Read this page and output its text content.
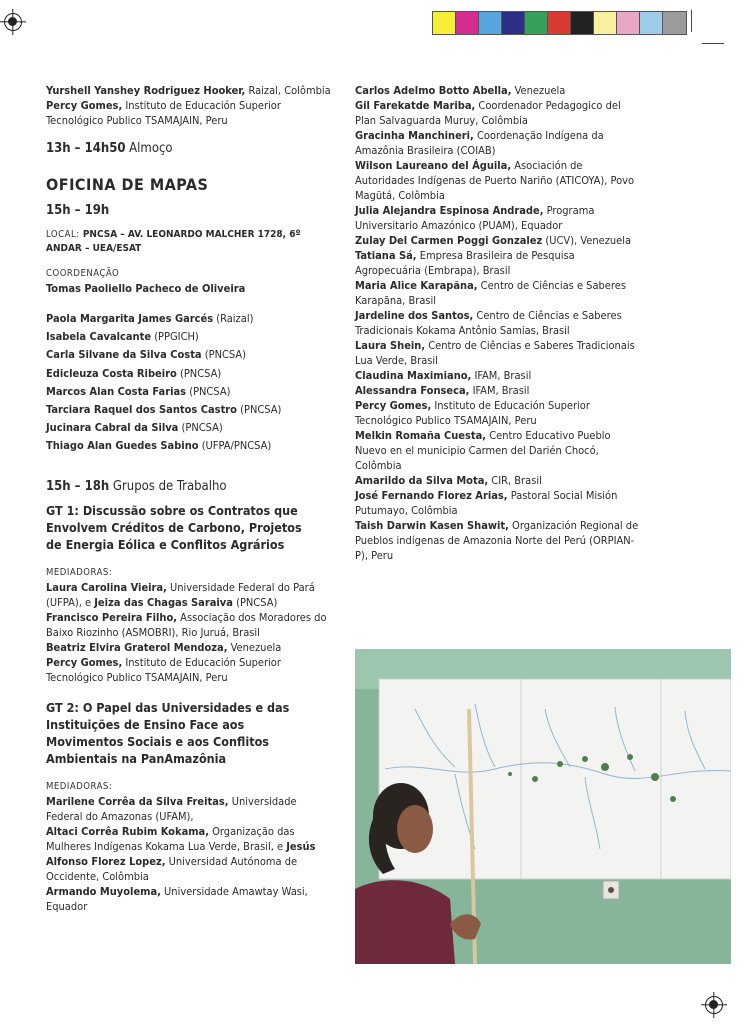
Yurshell Yanshey Rodriguez Hooker, Raizal, Colômbia

Percy Gomes, Instituto de Educación Superior Tecnológico Publico TSAMAJAIN, Peru

13h – 14h50 Almoço

OFICINA DE MAPAS

15h – 19h

LOCAL: PNCSA – AV. LEONARDO MALCHER 1728, 6º ANDAR – UEA/ESAT

COORDENAÇÃO

Tomas Paoliello Pacheco de Oliveira

Paola Margarita James Garcés (Raizal)

Isabela Cavalcante (PPGICH)

Carla Silvane da Silva Costa (PNCSA)

Edicleuza Costa Ribeiro (PNCSA)

Marcos Alan Costa Farias (PNCSA)

Tarciara Raquel dos Santos Castro (PNCSA)

Jucinara Cabral da Silva (PNCSA)

Thiago Alan Guedes Sabino (UFPA/PNCSA)

15h – 18h Grupos de Trabalho

GT 1: Discussão sobre os Contratos que Envolvem Créditos de Carbono, Projetos de Energia Eólica e Conflitos Agrários

MEDIADORAS:

Laura Carolina Vieira, Universidade Federal do Pará (UFPA), e Jeiza das Chagas Saraiva (PNCSA)

Francisco Pereira Filho, Associação dos Moradores do Baixo Riozinho (ASMOBRI), Rio Juruá, Brasil

Beatriz Elvira Graterol Mendoza, Venezuela

Percy Gomes, Instituto de Educación Superior Tecnológico Publico TSAMAJAIN, Peru

GT 2: O Papel das Universidades e das Instituições de Ensino Face aos Movimentos Sociais e aos Conflitos Ambientais na PanAmazônia

MEDIADORAS:

Marilene Corrêa da Silva Freitas, Universidade Federal do Amazonas (UFAM),

Altaci Corrêa Rubim Kokama, Organização das Mulheres Indígenas Kokama Lua Verde, Brasil, e Jesús Alfonso Florez Lopez, Universidad Autónoma de Occidente, Colômbia

Armando Muyolema, Universidade Amawtay Wasi, Equador

Carlos Adelmo Botto Abella, Venezuela

Gil Farekatde Mariba, Coordenador Pedagogico del Plan Salvaguarda Muruy, Colômbia

Gracinha Manchineri, Coordenação Indígena da Amazônia Brasileira (COIAB)

Wilson Laureano del Águila, Asociación de Autoridades Indígenas de Puerto Nariño (ATICOYA), Povo Magütá, Colômbia

Julia Alejandra Espinosa Andrade, Programa Universitario Amazónico (PUAM), Equador

Zulay Del Carmen Poggi Gonzalez (UCV), Venezuela

Tatiana Sá, Empresa Brasileira de Pesquisa Agropecuária (Embrapa), Brasil

Maria Alice Karapãna, Centro de Ciências e Saberes Karapãna, Brasil

Jardeline dos Santos, Centro de Ciências e Saberes Tradicionais Kokama Antônio Samias, Brasil

Laura Shein, Centro de Ciências e Saberes Tradicionais Lua Verde, Brasil

Claudina Maximiano, IFAM, Brasil

Alessandra Fonseca, IFAM, Brasil

Percy Gomes, Instituto de Educación Superior Tecnológico Publico TSAMAJAIN, Peru

Melkin Romaña Cuesta, Centro Educativo Pueblo Nuevo en el municipio Carmen del Darién Chocó, Colômbia

Amarildo da Silva Mota, CIR, Brasil

José Fernando Florez Arias, Pastoral Social Misión Putumayo, Colômbia

Taish Darwin Kasen Shawit, Organización Regional de Pueblos indígenas de Amazonia Norte del Perú (ORPIAN-P), Peru
